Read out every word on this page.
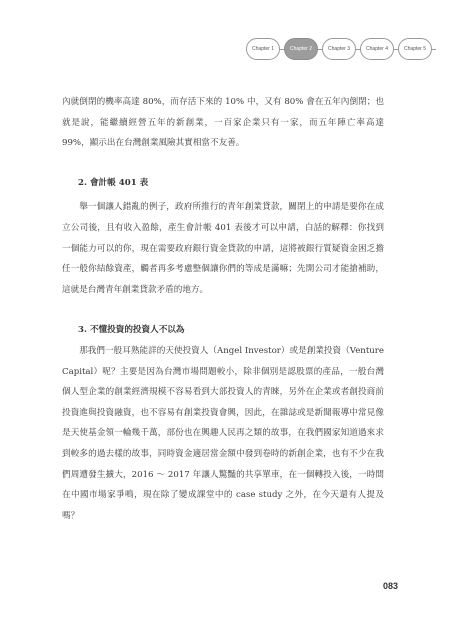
Chapter 1	Chapter 2	Chapter 3	Chapter 4	Chapter 5

內就倒閉的機率高達 80%，而存活下來的 10% 中，又有 80% 會在五年內倒閉；也就是說，能繼續經營五年的新創業，一百家企業只有一家，而五年陣亡率高達 99%，顯示出在台灣創業風險其實相當不友善。

2. 會計帳 401 表

舉一個讓人錯亂的例子，政府所推行的青年創業貸款，關閉上的申請是要你在成立公司後，且有收入盈餘，產生會計帳 401 表後才可以申請，白話的解釋：你找到一個能力可以的你，現在需要政府銀行資金貸款的申請，這將被銀行質疑資金困乏擔任一般你結餘資產，觸者再多考慮整個讓你們的等成是滿嘛；先開公司才能搶補助，這就是台灣青年創業貸款矛盾的地方。

3. 不懂投資的投資人不以為

那我們一般耳熟能詳的天使投資人（Angel Investor）或是創業投資（Venture Capital）呢？主要是因為台灣市場問題較小，除非個別是認股票的產品，一般台灣個人型企業的創業經濟規模不容易看到大部投資人的青睞，另外在企業或者創投商前投資進與投資融資，也不容易有創業投資會興，因此，在雜誌或是新聞報導中常見像是天使基金領一輪幾千萬，部份也在興趣人民再之類的故事，在我們國家知道過來求到較多的過去樣的故事，同時資金適居當金額中發到卷時的新創企業，也有不少在我們周遭發生擴大，2016 ～ 2017 年讓人驚豔的共享單車，在一個轉投入後，一時間在中國市場家爭鳴，現在除了變成課堂中的 case study 之外，在今天還有人提及嗎？

083
